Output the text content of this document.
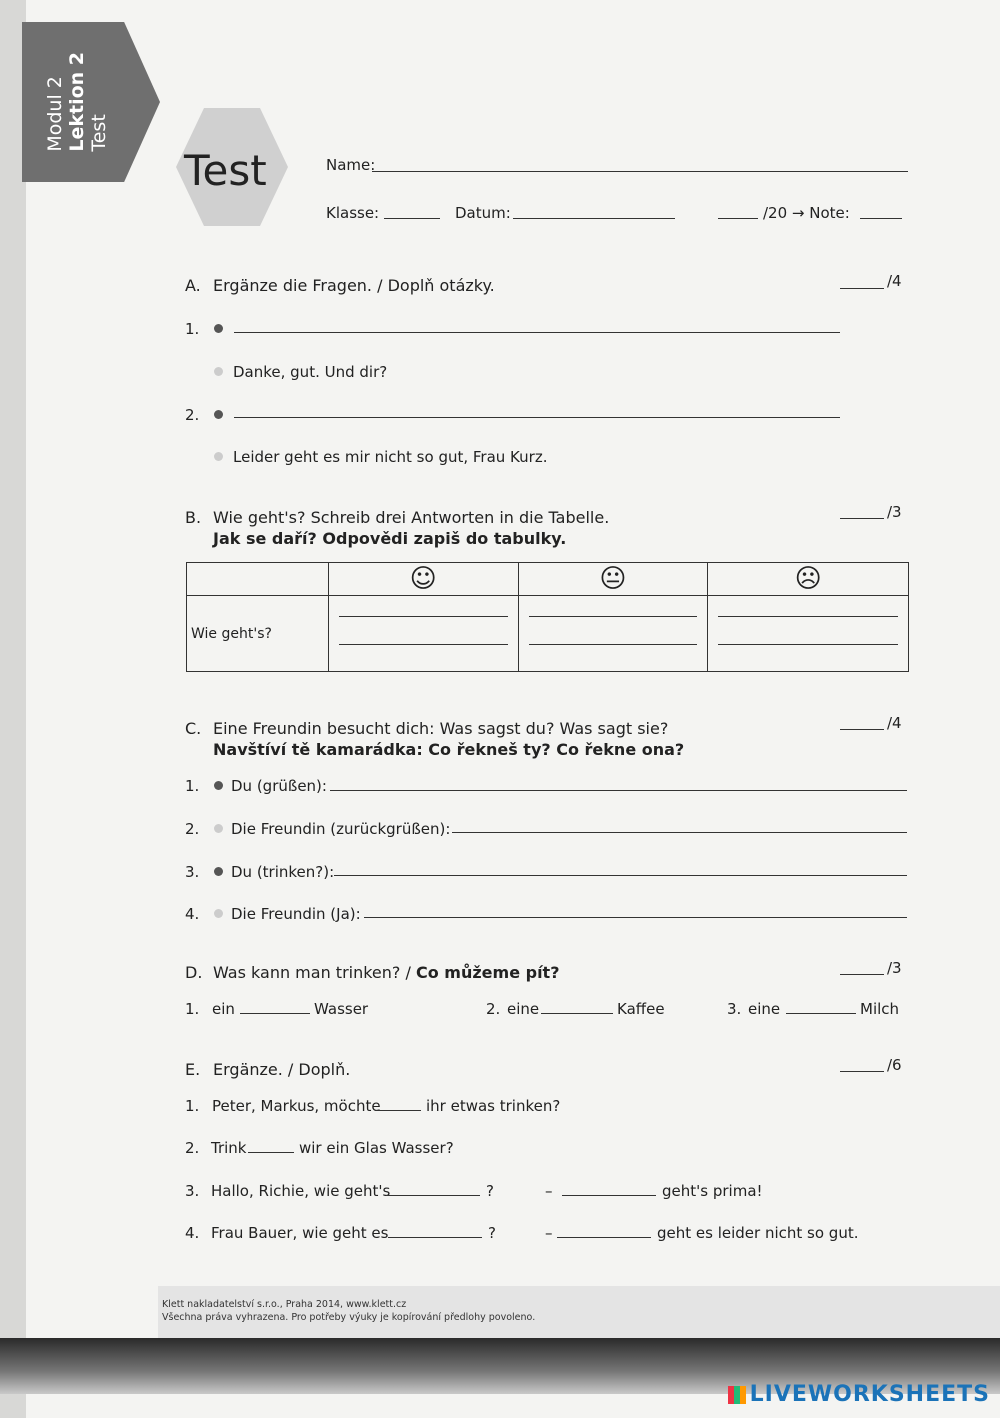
Modul 2 Lektion 2 Test
Test	Name:
Klasse:	Datum:	/20 → Note:
A. Ergänze die Fragen. / Doplň otázky.	/4
1.
Danke, gut. Und dir?
2.
Leider geht es mir nicht so gut, Frau Kurz.
B. Wie geht's? Schreib drei Antworten in die Tabelle.
Jak se daří? Odpovědi zapiš do tabulky.
/3
	☺	😐	☹
Wie geht's?	

C. Eine Freundin besucht dich: Was sagst du? Was sagt sie?
Navštíví tě kamarádka: Co řekneš ty? Co řekne ona?
/4
1. Du (grüßen):
2. Die Freundin (zurückgrüßen):
3. Du (trinken?):
4. Die Freundin (Ja):
D. Was kann man trinken? / Co můžeme pít?	/3
1. ein	Wasser	2. eine	Kaffee	3. eine	Milch
E. Ergänze. / Doplň.	/6
1. Peter, Markus, möchte	ihr etwas trinken?
2. Trink	wir ein Glas Wasser?
3. Hallo, Richie, wie geht's	?	–	geht's prima!
4. Frau Bauer, wie geht es	?	–	geht es leider nicht so gut.
Klett nakladatelství s.r.o., Praha 2014, www.klett.cz
Všechna práva vyhrazena. Pro potřeby výuky je kopírování předlohy povoleno.
LIVEWORKSHEETS
